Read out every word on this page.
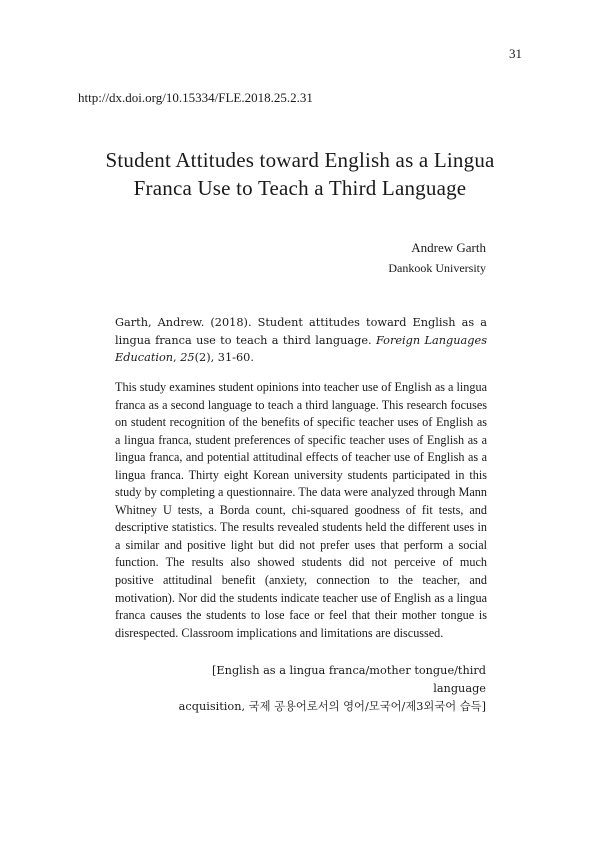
31
http://dx.doi.org/10.15334/FLE.2018.25.2.31
Student Attitudes toward English as a Lingua
Franca Use to Teach a Third Language
Andrew Garth
Dankook University
Garth, Andrew. (2018). Student attitudes toward English as a lingua franca use to teach a third language. Foreign Languages Education, 25(2), 31-60.
This study examines student opinions into teacher use of English as a lingua franca as a second language to teach a third language. This research focuses on student recognition of the benefits of specific teacher uses of English as a lingua franca, student preferences of specific teacher uses of English as a lingua franca, and potential attitudinal effects of teacher use of English as a lingua franca. Thirty eight Korean university students participated in this study by completing a questionnaire. The data were analyzed through Mann Whitney U tests, a Borda count, chi-squared goodness of fit tests, and descriptive statistics. The results revealed students held the different uses in a similar and positive light but did not prefer uses that perform a social function. The results also showed students did not perceive of much positive attitudinal benefit (anxiety, connection to the teacher, and motivation). Nor did the students indicate teacher use of English as a lingua franca causes the students to lose face or feel that their mother tongue is disrespected. Classroom implications and limitations are discussed.
[English as a lingua franca/mother tongue/third language
acquisition, 국제 공용어로서의 영어/모국어/제3외국어 습득]
